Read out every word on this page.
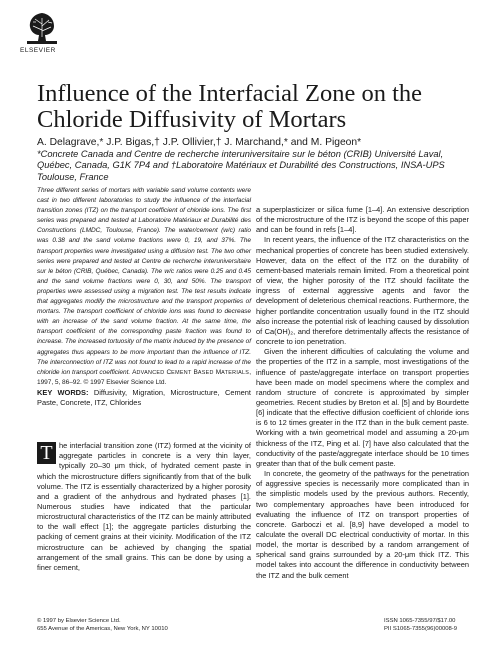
ELSEVIER
Influence of the Interfacial Zone on the Chloride Diffusivity of Mortars
A. Delagrave,* J.P. Bigas,† J.P. Ollivier,† J. Marchand,* and M. Pigeon*
*Concrete Canada and Centre de recherche interuniversitaire sur le béton (CRIB) Université Laval, Québec, Canada, G1K 7P4 and †Laboratoire Matériaux et Durabilité des Constructions, INSA-UPS Toulouse, France
Three different series of mortars with variable sand volume contents were cast in two different laboratories to study the influence of the interfacial transition zones (ITZ) on the transport coefficient of chloride ions. The first series was prepared and tested at Laboratoire Matériaux et Durabilité des Constructions (LMDC, Toulouse, France). The water/cement (w/c) ratio was 0.38 and the sand volume fractions were 0, 19, and 37%. The transport properties were investigated using a diffusion test. The two other series were prepared and tested at Centre de recherche interuniversitaire sur le béton (CRIB, Québec, Canada). The w/c ratios were 0.25 and 0.45 and the sand volume fractions were 0, 30, and 50%. The transport properties were assessed using a migration test. The test results indicate that aggregates modify the microstructure and the transport properties of mortars. The transport coefficient of chloride ions was found to decrease with an increase of the sand volume fraction. At the same time, the transport coefficient of the corresponding paste fraction was found to increase. The increased tortuosity of the matrix induced by the presence of aggregates thus appears to be more important than the influence of ITZ. The interconnection of ITZ was not found to lead to a rapid increase of the chloride ion transport coefficient. ADVANCED CEMENT BASED MATERIALS, 1997, 5, 86–92. © 1997 Elsevier Science Ltd.
KEY WORDS: Diffusivity, Migration, Microstructure, Cement Paste, Concrete, ITZ, Chlorides
T he interfacial transition zone (ITZ) formed at the vicinity of aggregate particles in concrete is a very thin layer, typically 20–30 μm thick, of hydrated cement paste in which the microstructure differs significantly from that of the bulk volume. The ITZ is essentially characterized by a higher porosity and a gradient of the anhydrous and hydrated phases [1]. Numerous studies have indicated that the particular microstructural characteristics of the ITZ can be mainly attributed to the wall effect [1]; the aggregate particles disturbing the packing of cement grains at their vicinity. Modification of the ITZ microstructure can be achieved by changing the spatial arrangement of the small grains. This can be done by using a finer cement,

a superplasticizer or silica fume [1–4]. An extensive description of the microstructure of the ITZ is beyond the scope of this paper and can be found in refs [1–4].

In recent years, the influence of the ITZ characteristics on the mechanical properties of concrete has been studied extensively. However, data on the effect of the ITZ on the durability of cement-based materials remain limited. From a theoretical point of view, the higher porosity of the ITZ should facilitate the ingress of external aggressive agents and favor the development of deleterious chemical reactions. Furthermore, the higher portlandite concentration usually found in the ITZ should also increase the potential risk of leaching caused by dissolution of Ca(OH)₂, and therefore detrimentally affects the resistance of concrete to ion penetration.

Given the inherent difficulties of calculating the volume and the properties of the ITZ in a sample, most investigations of the influence of paste/aggregate interface on transport properties have been made on model specimens where the complex and random structure of concrete is approximated by simpler geometries. Recent studies by Breton et al. [5] and by Bourdette [6] indicate that the effective diffusion coefficient of chloride ions is 6 to 12 times greater in the ITZ than in the bulk cement paste. Working with a twin geometrical model and assuming a 20-μm thickness of the ITZ, Ping et al. [7] have also calculated that the conductivity of the paste/aggregate interface should be 10 times greater than that of the bulk cement paste.

In concrete, the geometry of the pathways for the penetration of aggressive species is necessarily more complicated than in the simplistic models used by the previous authors. Recently, two complementary approaches have been introduced for evaluating the influence of ITZ on transport properties of concrete. Garboczi et al. [8,9] have developed a model to calculate the overall DC electrical conductivity of mortar. In this model, the mortar is described by a random arrangement of spherical sand grains surrounded by a 20-μm thick ITZ. This model takes into account the difference in conductivity between the ITZ and the bulk cement

© 1997 by Elsevier Science Ltd.
655 Avenue of the Americas, New York, NY 10010
ISSN 1065-7355/97/$17.00
PII S1065-7355(96)00008-9
